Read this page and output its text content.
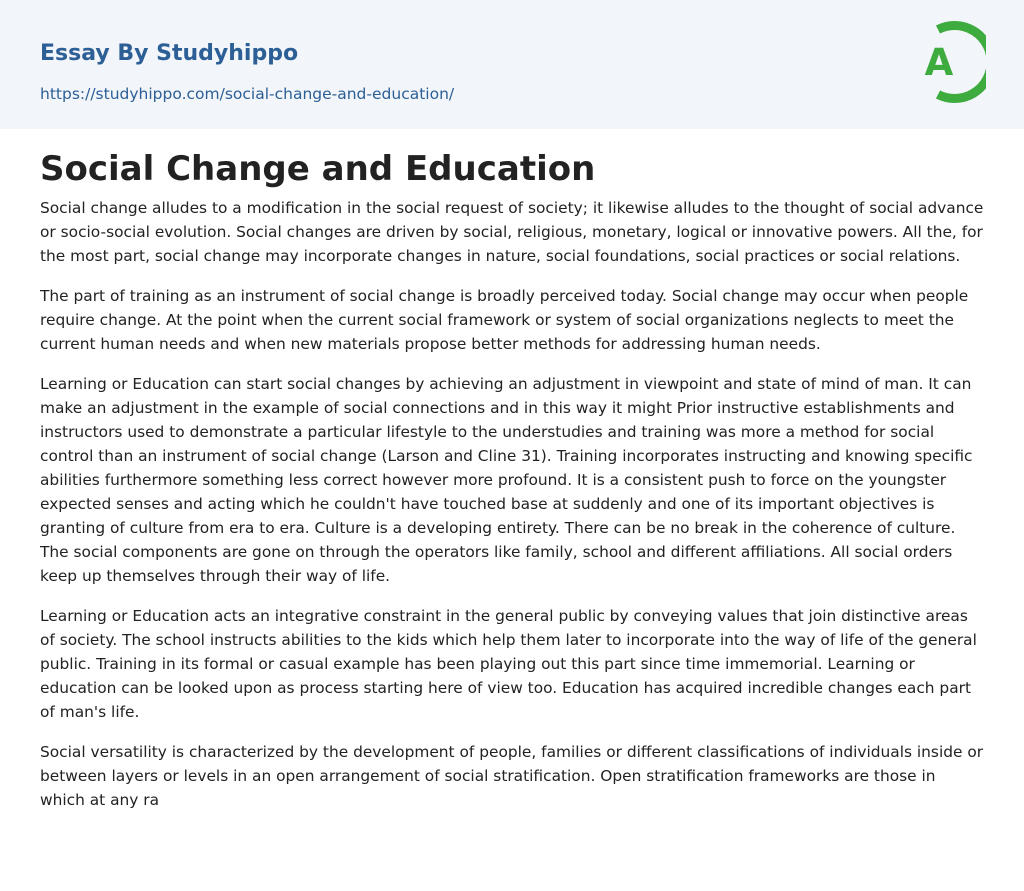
Essay By Studyhippo
https://studyhippo.com/social-change-and-education/
A
Social Change and Education

Social change alludes to a modification in the social request of society; it likewise alludes to the thought of social advance or socio-social evolution. Social changes are driven by social, religious, monetary, logical or innovative powers. All the, for the most part, social change may incorporate changes in nature, social foundations, social practices or social relations.

The part of training as an instrument of social change is broadly perceived today. Social change may occur when people require change. At the point when the current social framework or system of social organizations neglects to meet the current human needs and when new materials propose better methods for addressing human needs.

Learning or Education can start social changes by achieving an adjustment in viewpoint and state of mind of man. It can make an adjustment in the example of social connections and in this way it might Prior instructive establishments and instructors used to demonstrate a particular lifestyle to the understudies and training was more a method for social control than an instrument of social change (Larson and Cline 31). Training incorporates instructing and knowing specific abilities furthermore something less correct however more profound. It is a consistent push to force on the youngster expected senses and acting which he couldn't have touched base at suddenly and one of its important objectives is granting of culture from era to era. Culture is a developing entirety. There can be no break in the coherence of culture. The social components are gone on through the operators like family, school and different affiliations. All social orders keep up themselves through their way of life.

Learning or Education acts an integrative constraint in the general public by conveying values that join distinctive areas of society. The school instructs abilities to the kids which help them later to incorporate into the way of life of the general public. Training in its formal or casual example has been playing out this part since time immemorial. Learning or education can be looked upon as process starting here of view too. Education has acquired incredible changes each part of man's life.

Social versatility is characterized by the development of people, families or different classifications of individuals inside or between layers or levels in an open arrangement of social stratification. Open stratification frameworks are those in which at any ra
